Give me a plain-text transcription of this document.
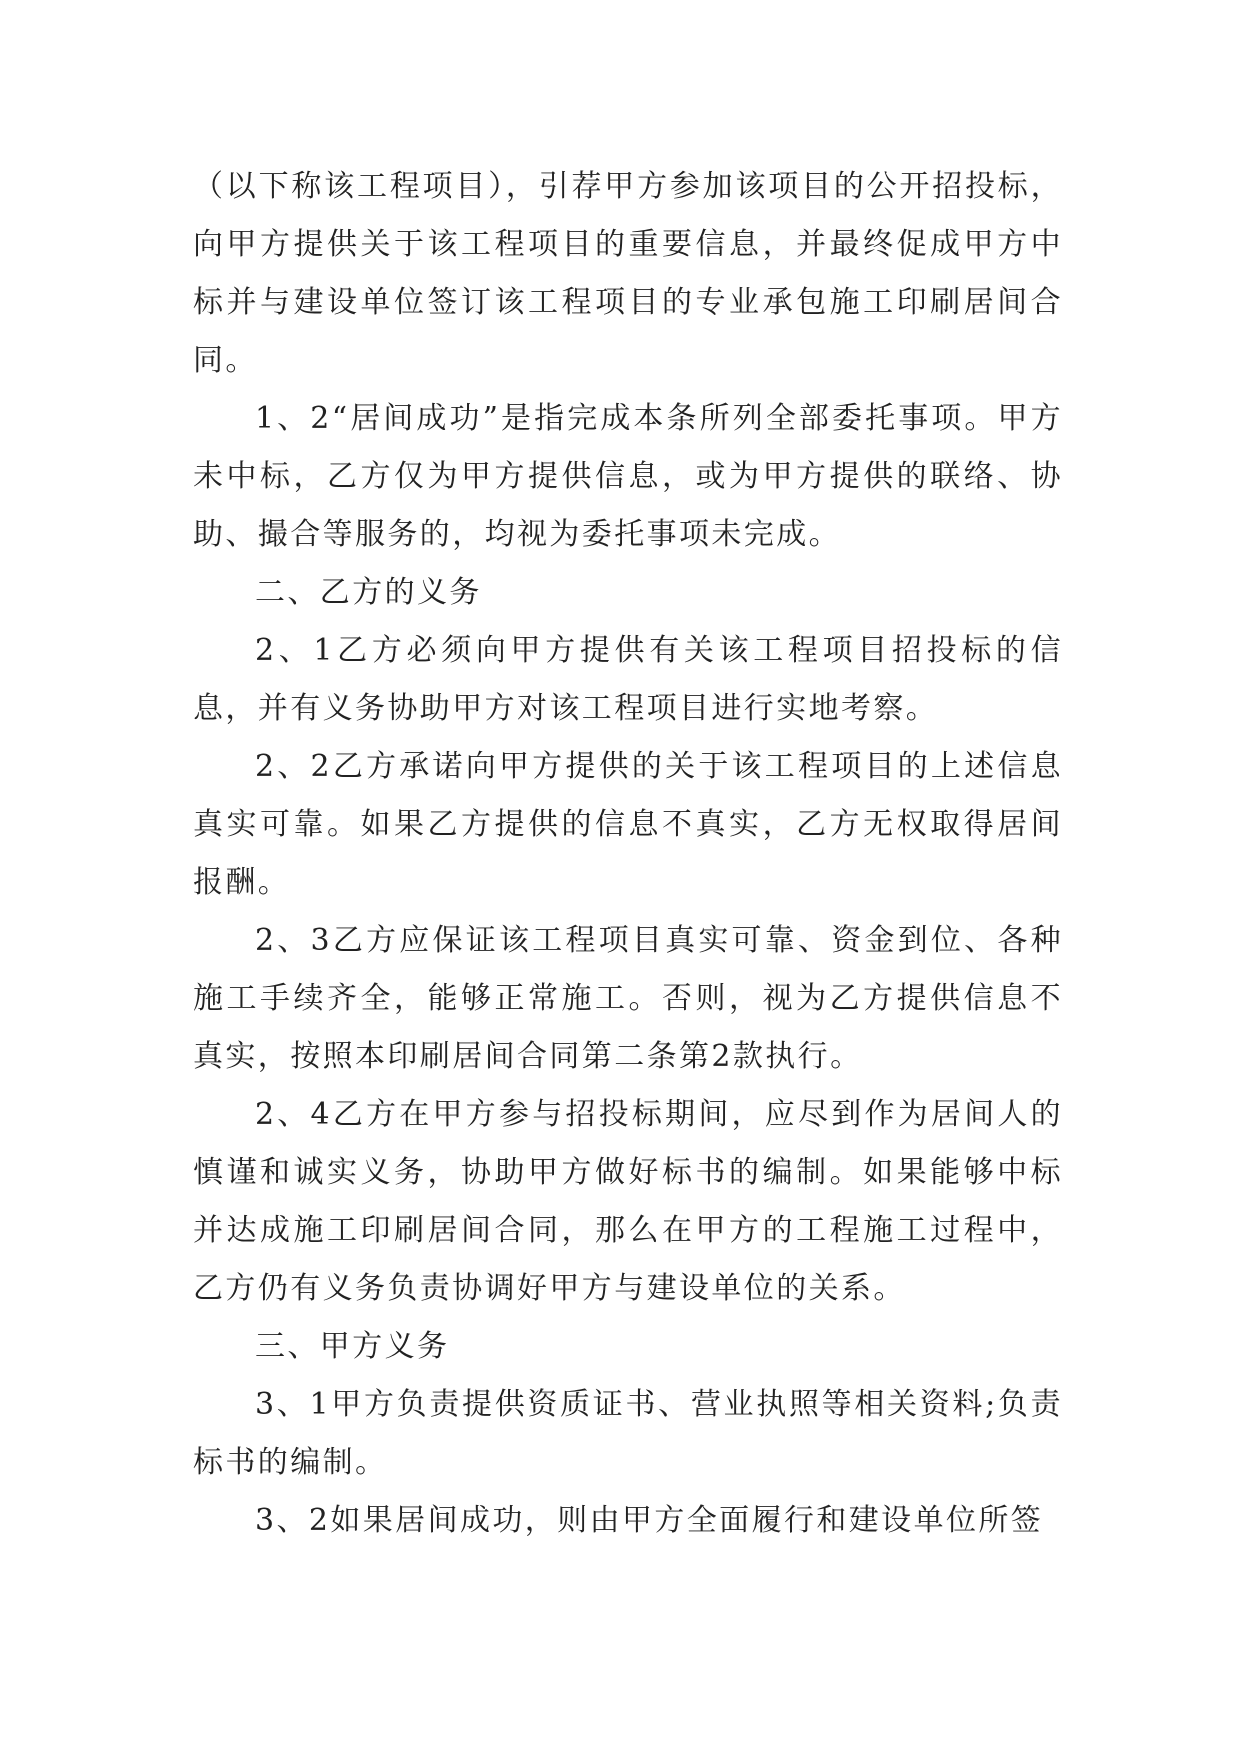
（以下称该工程项目），引荐甲方参加该项目的公开招投标，向甲方提供关于该工程项目的重要信息，并最终促成甲方中标并与建设单位签订该工程项目的专业承包施工印刷居间合同。

1、2“居间成功”是指完成本条所列全部委托事项。甲方未中标，乙方仅为甲方提供信息，或为甲方提供的联络、协助、撮合等服务的，均视为委托事项未完成。

二、乙方的义务

2、1乙方必须向甲方提供有关该工程项目招投标的信息，并有义务协助甲方对该工程项目进行实地考察。

2、2乙方承诺向甲方提供的关于该工程项目的上述信息真实可靠。如果乙方提供的信息不真实，乙方无权取得居间报酬。

2、3乙方应保证该工程项目真实可靠、资金到位、各种施工手续齐全，能够正常施工。否则，视为乙方提供信息不真实，按照本印刷居间合同第二条第2款执行。

2、4乙方在甲方参与招投标期间，应尽到作为居间人的慎谨和诚实义务，协助甲方做好标书的编制。如果能够中标并达成施工印刷居间合同，那么在甲方的工程施工过程中，乙方仍有义务负责协调好甲方与建设单位的关系。

三、甲方义务

3、1甲方负责提供资质证书、营业执照等相关资料;负责标书的编制。

3、2如果居间成功，则由甲方全面履行和建设单位所签
